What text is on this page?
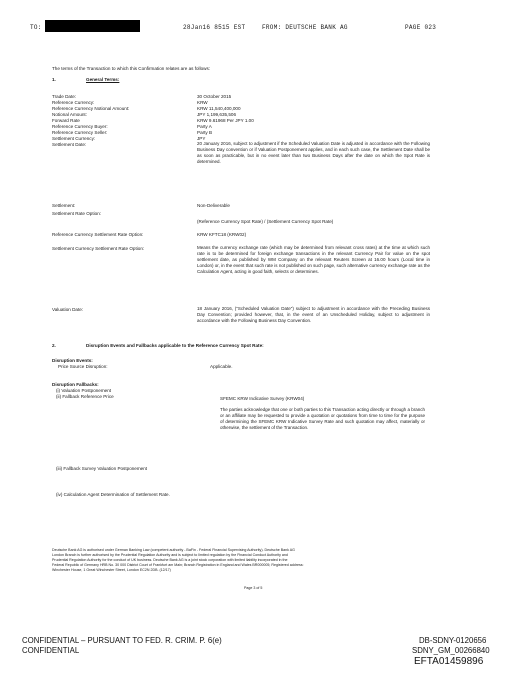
TO:	28Jan16 8515 EST	FROM: DEUTSCHE BANK AG	PAGE 023
The terms of the Transaction to which this Confirmation relates are as follows:
1.	General Terms:
Trade Date:	30 October 2015
Reference Currency:	KRW
Reference Currency Notional Amount:	KRW 11,540,400,000
Notional Amount:	JPY 1,199,635,506
Forward Rate	KRW 9.61968 Per JPY 1.00
Reference Currency Buyer:	Party A
Reference Currency Seller:	Party B
Settlement Currency:	JPY
Settlement Date:	20 January 2016, subject to adjustment if the Scheduled Valuation Date is adjusted in accordance with the Following Business Day convention or if Valuation Postponement applies, and in each such case, the Settlement Date shall be as soon as practicable, but in no event later than two Business Days after the date on which the Spot Rate is determined.
Settlement:	Non-Deliverable
Settlement Rate Option:
(Reference Currency Spot Rate) / (Settlement Currency Spot Rate)
Reference Currency Settlement Rate Option:	KRW KFTC18 (KRW02)
Settlement Currency Settlement Rate Option:	Means the currency exchange rate (which may be determined from relevant cross rates) at the time at which such rate is to be determined for foreign exchange transactions in the relevant Currency Pair for value on the spot settlement date, as published by WM Company on the relevant Reuters Screen at 16.00 hours (Local time in London) or, in the event that such rate is not published on such page, such alternative currency exchange rate as the Calculation Agent, acting in good faith, selects or determines.
Valuation Date:	18 January 2016, ("Scheduled Valuation Date") subject to adjustment in accordance with the Preceding Business Day Convention; provided however, that, in the event of an Unscheduled Holiday, subject to adjustment in accordance with the Following Business Day Convention.
2.	Disruption Events and Fallbacks applicable to the Reference Currency Spot Rate:
Disruption Events:
Price Source Disruption:	Applicable.
Disruption Fallbacks:
(i) Valuation Postponement
(ii) Fallback Reference Price	SFEMC KRW Indicative Survey (KRW04)
The parties acknowledge that one or both parties to this Transaction acting directly or through a branch or an affiliate may be requested to provide a quotation or quotations from time to time for the purpose of determining the SFEMC KRW Indicative Survey Rate and such quotation may affect, materially or otherwise, the settlement of the Transaction.
(iii) Fallback Survey Valuation Postponement
(iv) Calculation Agent Determination of Settlement Rate.
Deutsche Bank AG is authorised under German Banking Law (competent authority - BaFin - Federal Financial Supervising Authority). Deutsche Bank AG
London Branch is further authorised by the Prudential Regulation Authority and is subject to limited regulation by the Financial Conduct Authority and
Prudential Regulation Authority for the conduct of UK business. Deutsche Bank AG is a joint stock corporation with limited liability incorporated in the
Federal Republic of Germany HRB No. 30 000 District Court of Frankfurt am Main; Branch Registration in England and Wales BR000005; Registered address:
Winchester House, 1 Great Winchester Street, London EC2N 2DB. (12/17)
Page 3 of 5
CONFIDENTIAL – PURSUANT TO FED. R. CRIM. P. 6(e)
CONFIDENTIAL
DB-SDNY-0120656
SDNY_GM_00266840
EFTA01459896
